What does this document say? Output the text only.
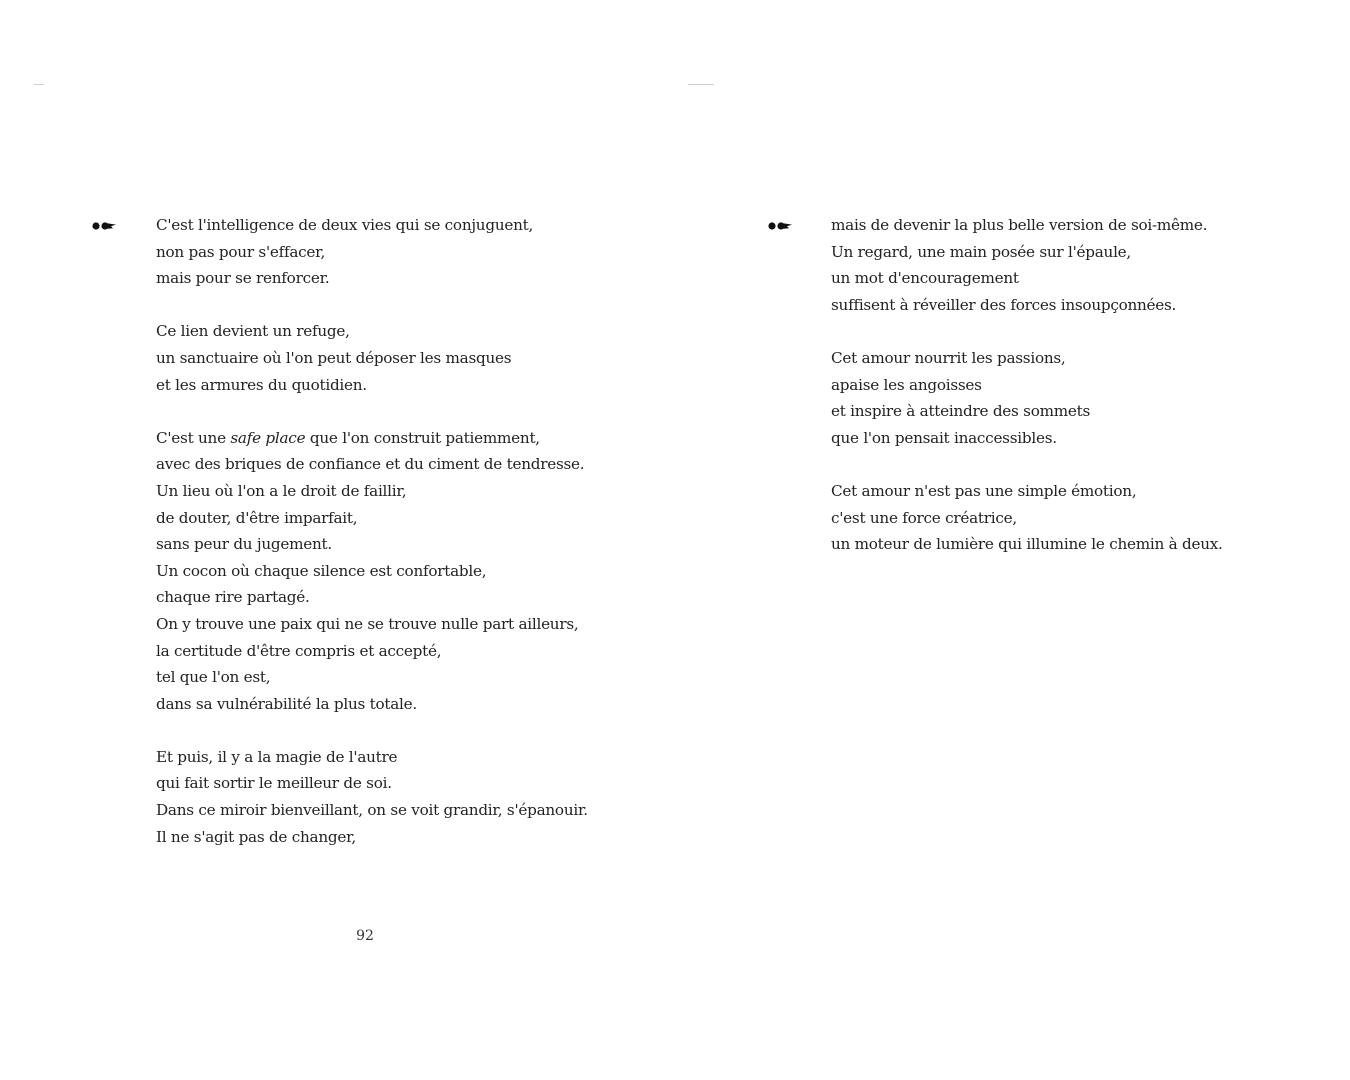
C'est l'intelligence de deux vies qui se conjuguent,
non pas pour s'effacer,
mais pour se renforcer.
Ce lien devient un refuge,
un sanctuaire où l'on peut déposer les masques
et les armures du quotidien.
C'est une safe place que l'on construit patiemment,
avec des briques de confiance et du ciment de tendresse.
Un lieu où l'on a le droit de faillir,
de douter, d'être imparfait,
sans peur du jugement.
Un cocon où chaque silence est confortable,
chaque rire partagé.
On y trouve une paix qui ne se trouve nulle part ailleurs,
la certitude d'être compris et accepté,
tel que l'on est,
dans sa vulnérabilité la plus totale.
Et puis, il y a la magie de l'autre
qui fait sortir le meilleur de soi.
Dans ce miroir bienveillant, on se voit grandir, s'épanouir.
Il ne s'agit pas de changer,
92
mais de devenir la plus belle version de soi-même.
Un regard, une main posée sur l'épaule,
un mot d'encouragement
suffisent à réveiller des forces insoupçonnées.
Cet amour nourrit les passions,
apaise les angoisses
et inspire à atteindre des sommets
que l'on pensait inaccessibles.
Cet amour n'est pas une simple émotion,
c'est une force créatrice,
un moteur de lumière qui illumine le chemin à deux.
